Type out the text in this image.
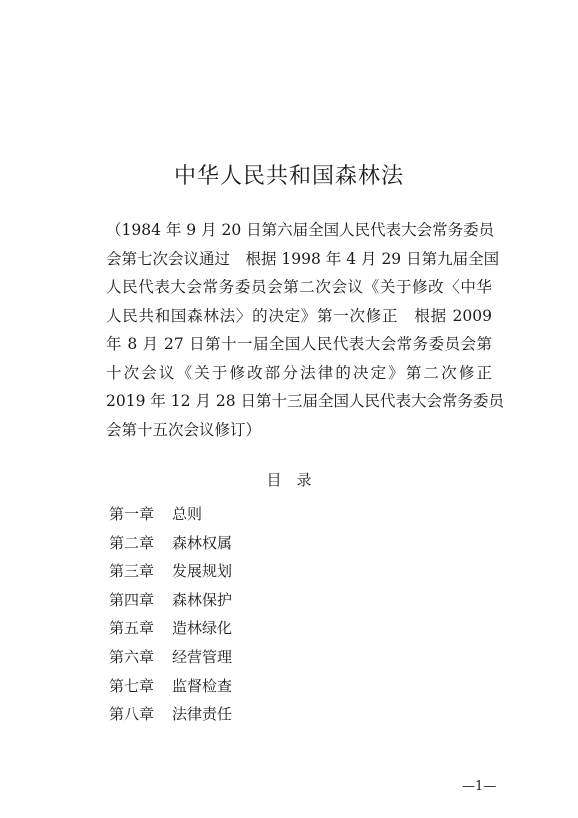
中华人民共和国森林法
（1984 年 9 月 20 日第六届全国人民代表大会常务委员
会第七次会议通过　根据 1998 年 4 月 29 日第九届全国
人民代表大会常务委员会第二次会议《关于修改〈中华
人民共和国森林法〉的决定》第一次修正　根据 2009
年 8 月 27 日第十一届全国人民代表大会常务委员会第
十次会议《关于修改部分法律的决定》第二次修正
2019 年 12 月 28 日第十三届全国人民代表大会常务委员
会第十五次会议修订）
目　录
第一章 总则
第二章 森林权属
第三章 发展规划
第四章 森林保护
第五章 造林绿化
第六章 经营管理
第七章 监督检查
第八章 法律责任
—1—
